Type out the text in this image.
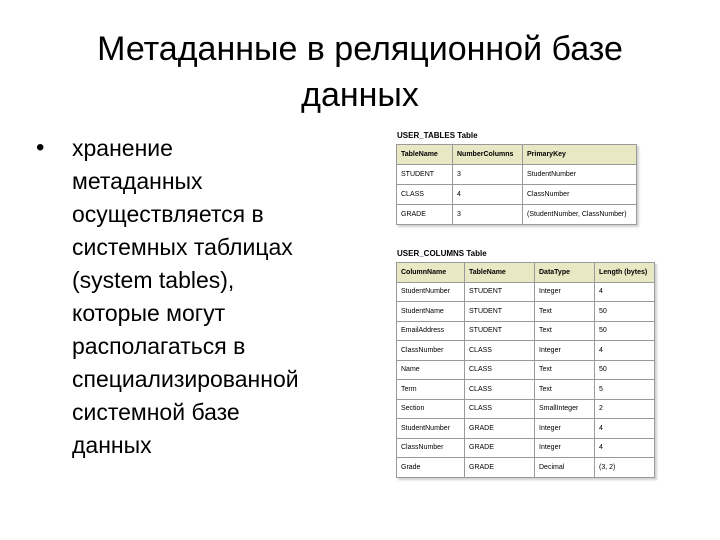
Метаданные в реляционной базе данных
• хранение
метаданных
осуществляется в
системных таблицах
(system tables),
которые могут
располагаться в
специализированной
системной базе
данных
USER_TABLES Table
TableName	NumberColumns	PrimaryKey
STUDENT	3	StudentNumber
CLASS	4	ClassNumber
GRADE	3	(StudentNumber, ClassNumber)
USER_COLUMNS Table
ColumnName	TableName	DataType	Length (bytes)
StudentNumber	STUDENT	Integer	4
StudentName	STUDENT	Text	50
EmailAddress	STUDENT	Text	50
ClassNumber	CLASS	Integer	4
Name	CLASS	Text	50
Term	CLASS	Text	5
Section	CLASS	SmallInteger	2
StudentNumber	GRADE	Integer	4
ClassNumber	GRADE	Integer	4
Grade	GRADE	Decimal	(3, 2)
